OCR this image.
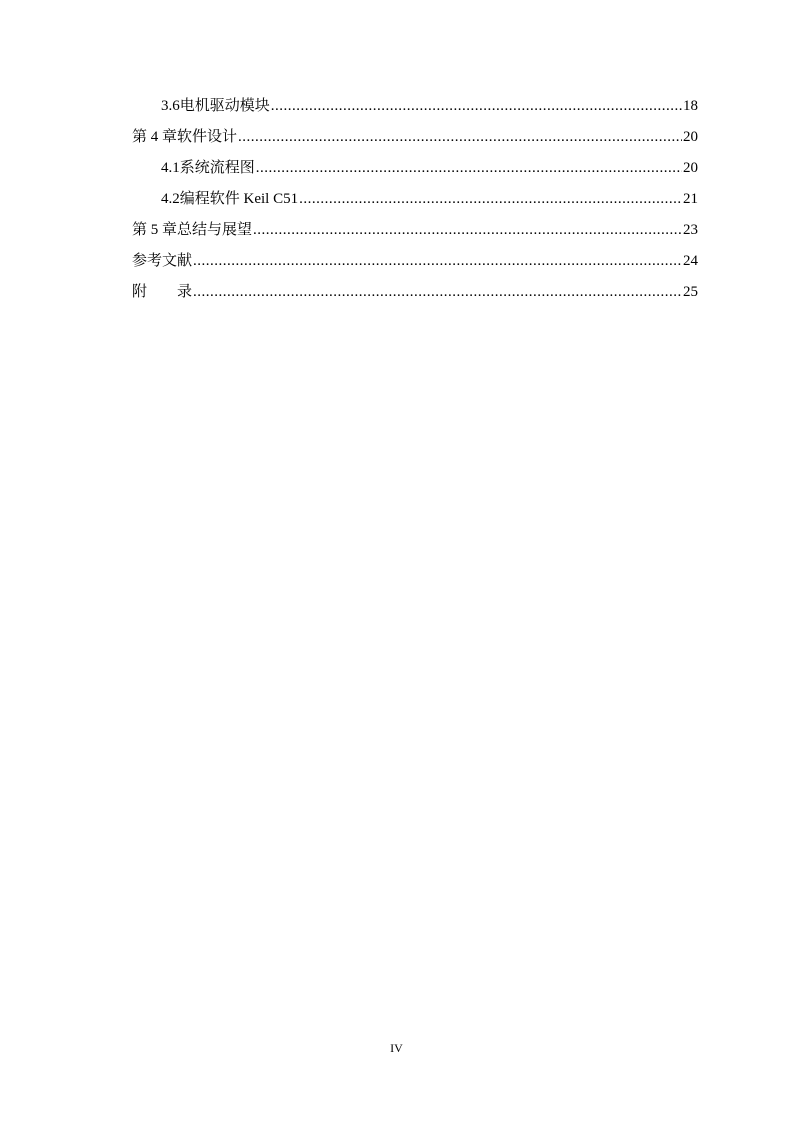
3.6 电机驱动模块 .....	18
第 4 章 软件设计 .....	20
4.1 系统流程图 .....	20
4.2 编程软件 Keil C51 .....	21
第 5 章 总结与展望 .....	23
参考文献 .....	24
附　　录 .....	25
IV
